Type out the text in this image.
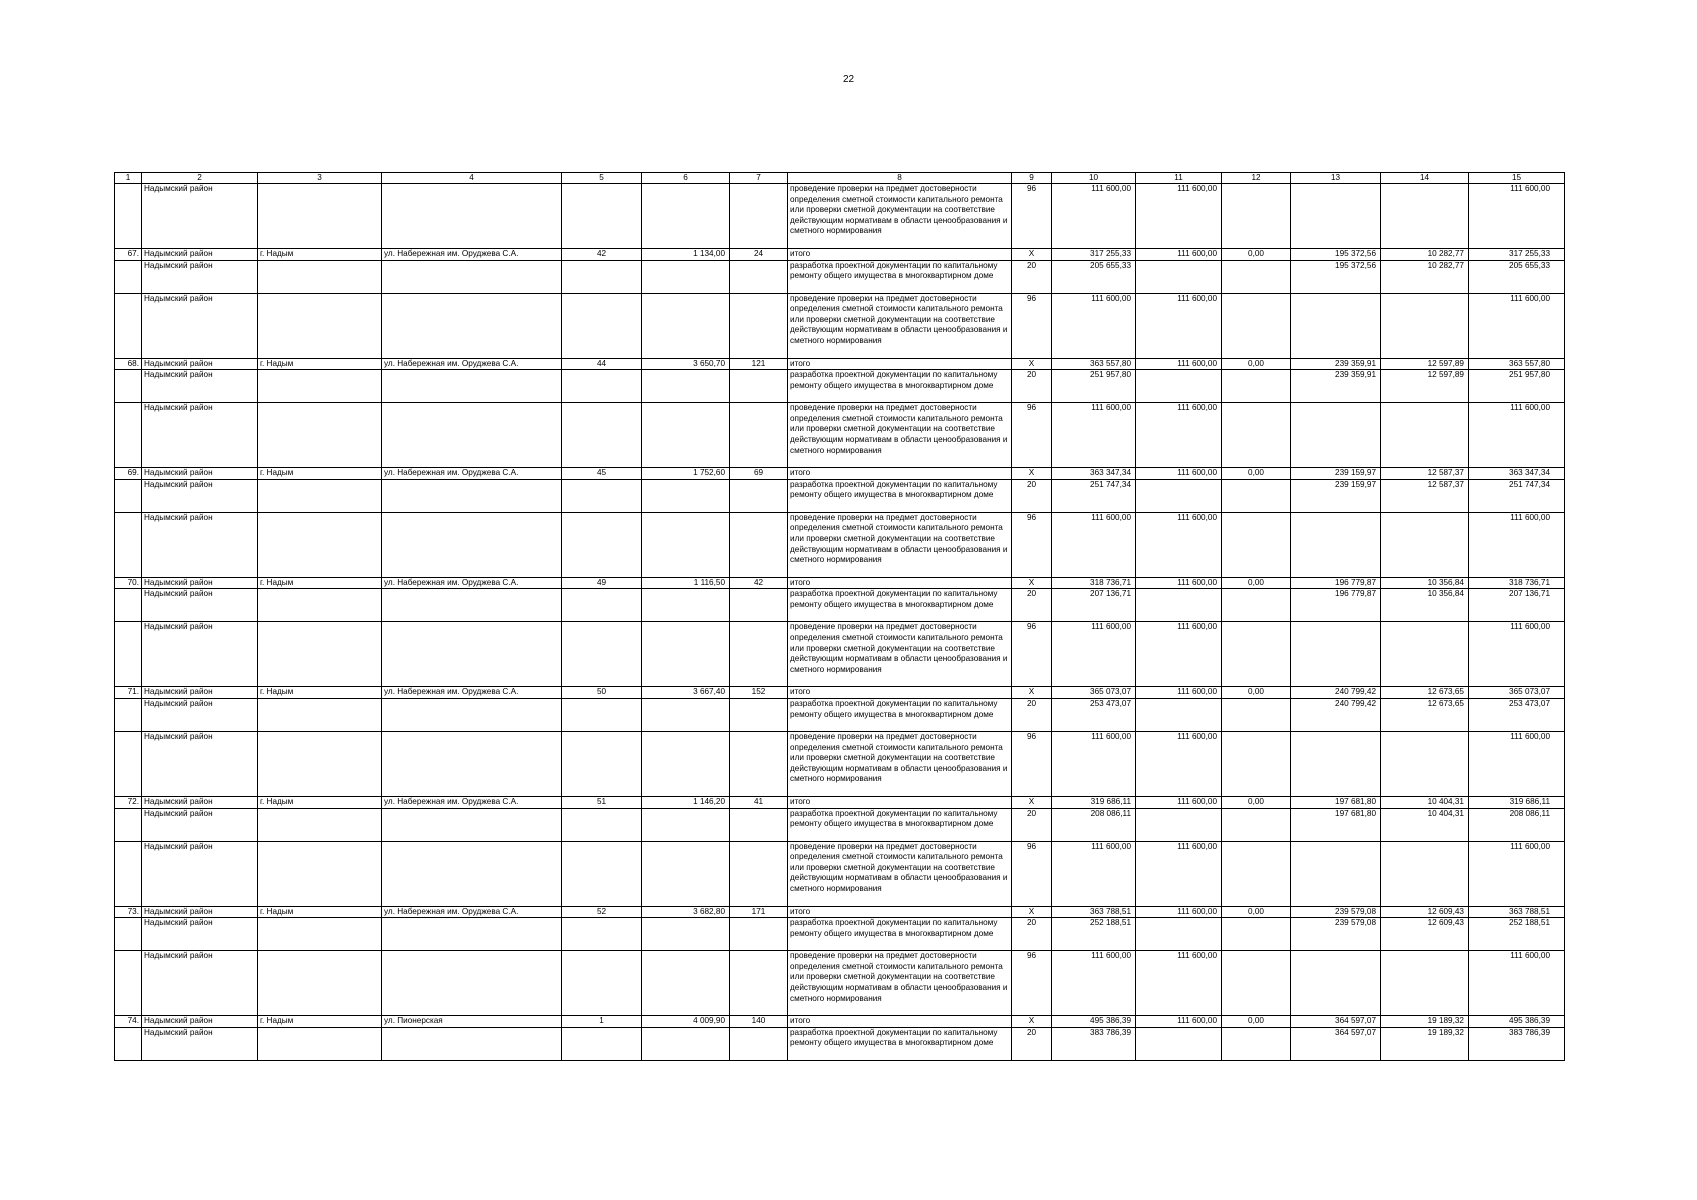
22
1	2	3	4	5	6	7	8	9	10	11	12	13	14	15
	Надымский район						проведение проверки на предмет достоверности определения сметной стоимости капитального ремонта или проверки сметной документации на соответствие действующим нормативам в области ценообразования и сметного нормирования	96	111 600,00	111 600,00				111 600,00
67.	Надымский район	г. Надым	ул. Набережная им. Оруджева С.А.	42	1 134,00	24	итого	X	317 255,33	111 600,00	0,00	195 372,56	10 282,77	317 255,33
	Надымский район						разработка проектной документации по капитальному ремонту общего имущества в многоквартирном доме	20	205 655,33			195 372,56	10 282,77	205 655,33
	Надымский район						проведение проверки на предмет достоверности определения сметной стоимости капитального ремонта или проверки сметной документации на соответствие действующим нормативам в области ценообразования и сметного нормирования	96	111 600,00	111 600,00				111 600,00
68.	Надымский район	г. Надым	ул. Набережная им. Оруджева С.А.	44	3 650,70	121	итого	X	363 557,80	111 600,00	0,00	239 359,91	12 597,89	363 557,80
	Надымский район						разработка проектной документации по капитальному ремонту общего имущества в многоквартирном доме	20	251 957,80			239 359,91	12 597,89	251 957,80
	Надымский район						проведение проверки на предмет достоверности определения сметной стоимости капитального ремонта или проверки сметной документации на соответствие действующим нормативам в области ценообразования и сметного нормирования	96	111 600,00	111 600,00				111 600,00
69.	Надымский район	г. Надым	ул. Набережная им. Оруджева С.А.	45	1 752,60	69	итого	X	363 347,34	111 600,00	0,00	239 159,97	12 587,37	363 347,34
	Надымский район						разработка проектной документации по капитальному ремонту общего имущества в многоквартирном доме	20	251 747,34			239 159,97	12 587,37	251 747,34
	Надымский район						проведение проверки на предмет достоверности определения сметной стоимости капитального ремонта или проверки сметной документации на соответствие действующим нормативам в области ценообразования и сметного нормирования	96	111 600,00	111 600,00				111 600,00
70.	Надымский район	г. Надым	ул. Набережная им. Оруджева С.А.	49	1 116,50	42	итого	X	318 736,71	111 600,00	0,00	196 779,87	10 356,84	318 736,71
	Надымский район						разработка проектной документации по капитальному ремонту общего имущества в многоквартирном доме	20	207 136,71			196 779,87	10 356,84	207 136,71
	Надымский район						проведение проверки на предмет достоверности определения сметной стоимости капитального ремонта или проверки сметной документации на соответствие действующим нормативам в области ценообразования и сметного нормирования	96	111 600,00	111 600,00				111 600,00
71.	Надымский район	г. Надым	ул. Набережная им. Оруджева С.А.	50	3 667,40	152	итого	X	365 073,07	111 600,00	0,00	240 799,42	12 673,65	365 073,07
	Надымский район						разработка проектной документации по капитальному ремонту общего имущества в многоквартирном доме	20	253 473,07			240 799,42	12 673,65	253 473,07
	Надымский район						проведение проверки на предмет достоверности определения сметной стоимости капитального ремонта или проверки сметной документации на соответствие действующим нормативам в области ценообразования и сметного нормирования	96	111 600,00	111 600,00				111 600,00
72.	Надымский район	г. Надым	ул. Набережная им. Оруджева С.А.	51	1 146,20	41	итого	X	319 686,11	111 600,00	0,00	197 681,80	10 404,31	319 686,11
	Надымский район						разработка проектной документации по капитальному ремонту общего имущества в многоквартирном доме	20	208 086,11			197 681,80	10 404,31	208 086,11
	Надымский район						проведение проверки на предмет достоверности определения сметной стоимости капитального ремонта или проверки сметной документации на соответствие действующим нормативам в области ценообразования и сметного нормирования	96	111 600,00	111 600,00				111 600,00
73.	Надымский район	г. Надым	ул. Набережная им. Оруджева С.А.	52	3 682,80	171	итого	X	363 788,51	111 600,00	0,00	239 579,08	12 609,43	363 788,51
	Надымский район						разработка проектной документации по капитальному ремонту общего имущества в многоквартирном доме	20	252 188,51			239 579,08	12 609,43	252 188,51
	Надымский район						проведение проверки на предмет достоверности определения сметной стоимости капитального ремонта или проверки сметной документации на соответствие действующим нормативам в области ценообразования и сметного нормирования	96	111 600,00	111 600,00				111 600,00
74.	Надымский район	г. Надым	ул. Пионерская	1	4 009,90	140	итого	X	495 386,39	111 600,00	0,00	364 597,07	19 189,32	495 386,39
	Надымский район						разработка проектной документации по капитальному ремонту общего имущества в многоквартирном доме	20	383 786,39			364 597,07	19 189,32	383 786,39
